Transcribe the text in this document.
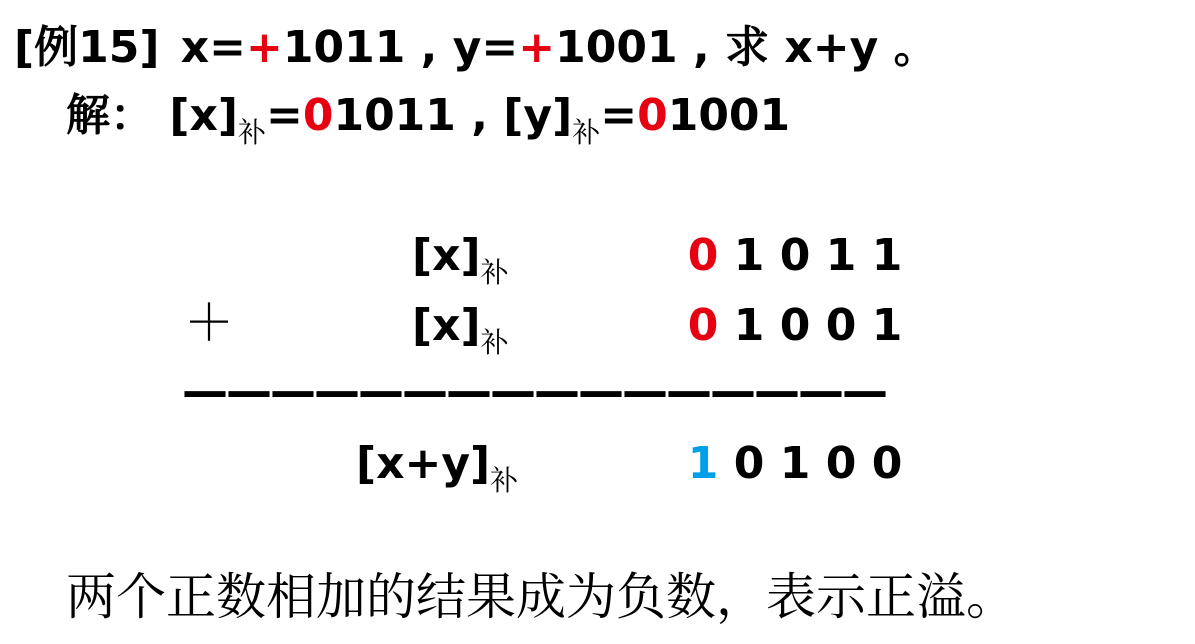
[例15] x=+1011 , y=+1001 , 求 x+y 。
解： $[x]_补=01011$ , $[y]_补=01001$
$[x]_补$	0 1 0 1 1
＋	$[x]_补$	0 1 0 0 1
————————————————
$[x+y]_补$	1 0 1 0 0
两个正数相加的结果成为负数，表示正溢。
